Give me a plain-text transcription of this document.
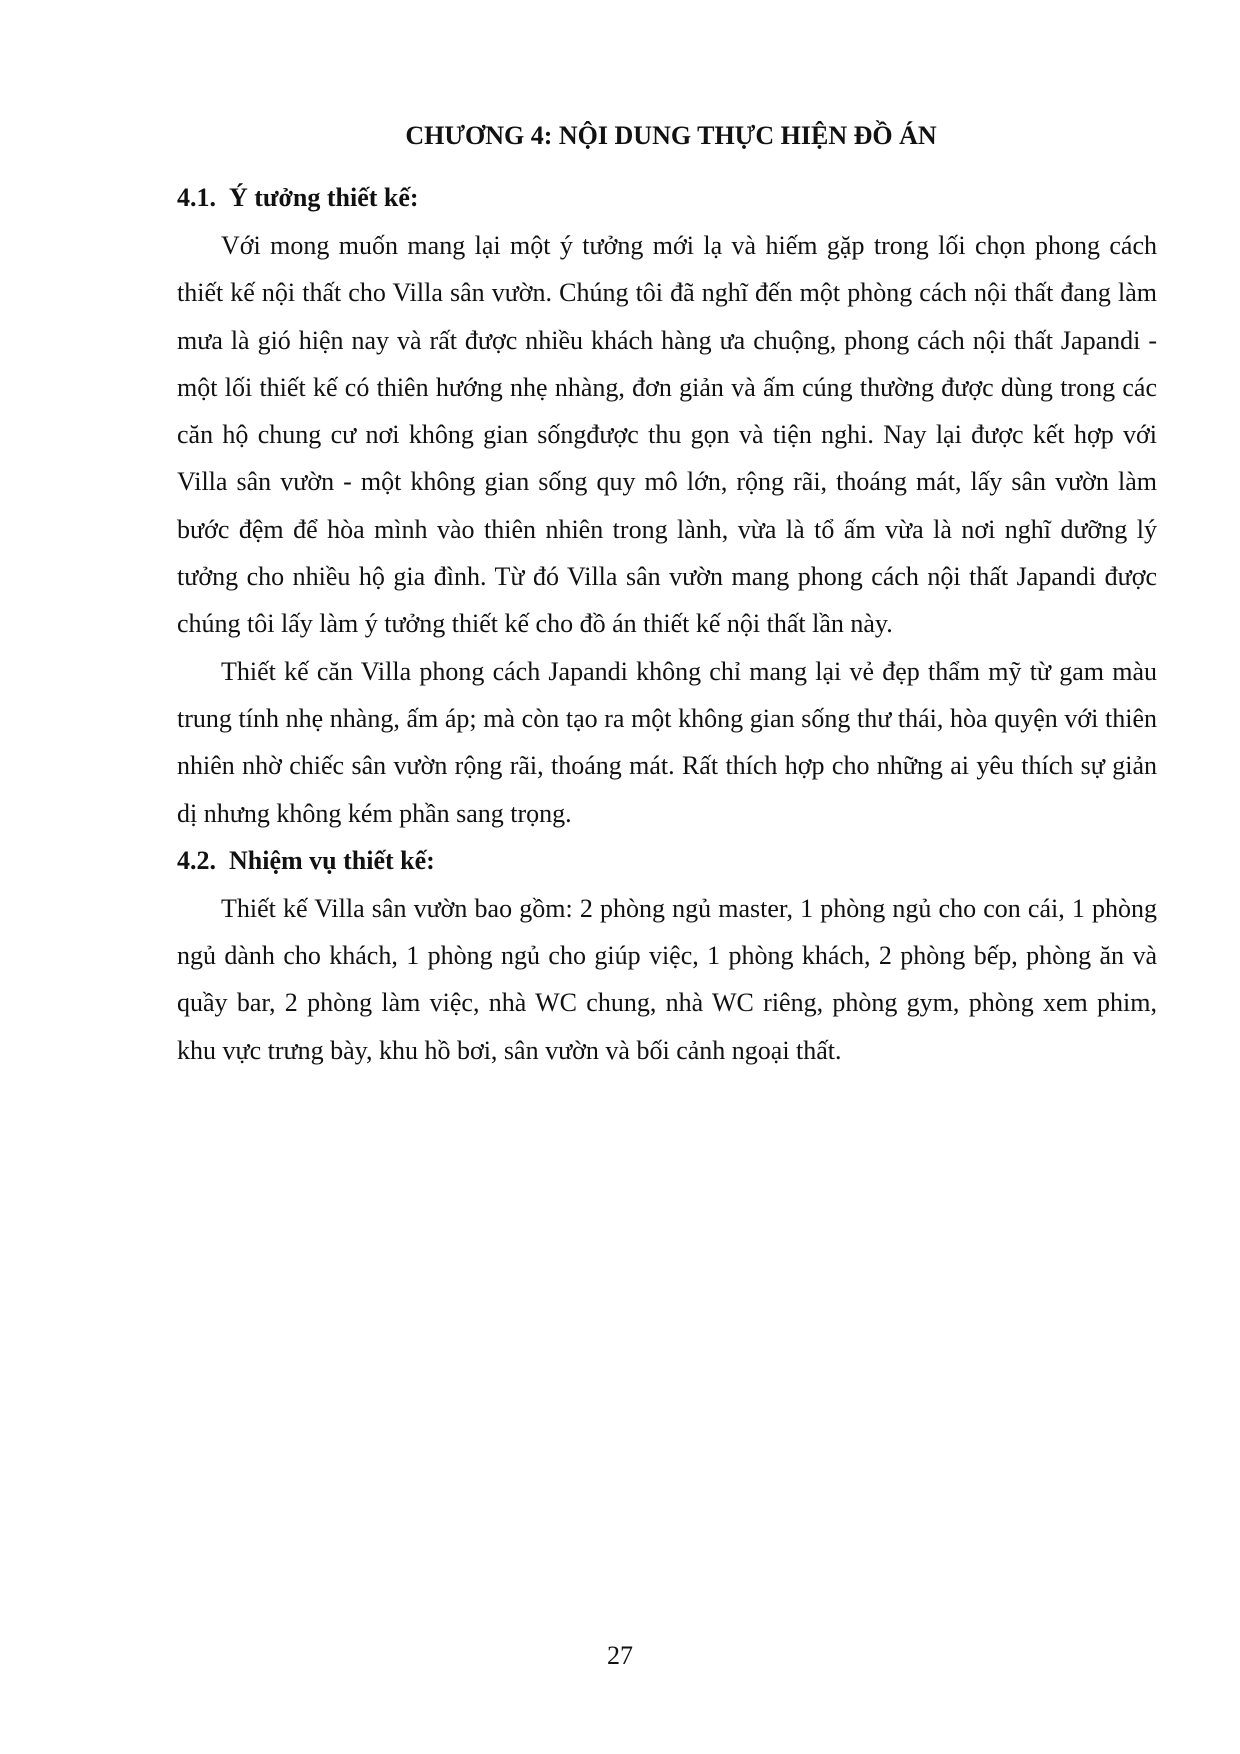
CHƯƠNG 4: NỘI DUNG THỰC HIỆN ĐỒ ÁN
4.1. Ý tưởng thiết kế:

Với mong muốn mang lại một ý tưởng mới lạ và hiếm gặp trong lối chọn phong cách thiết kế nội thất cho Villa sân vườn. Chúng tôi đã nghĩ đến một phòng cách nội thất đang làm mưa là gió hiện nay và rất được nhiều khách hàng ưa chuộng, phong cách nội thất Japandi - một lối thiết kế có thiên hướng nhẹ nhàng, đơn giản và ấm cúng thường được dùng trong các căn hộ chung cư nơi không gian sốngđược thu gọn và tiện nghi. Nay lại được kết hợp với Villa sân vườn - một không gian sống quy mô lớn, rộng rãi, thoáng mát, lấy sân vườn làm bước đệm để hòa mình vào thiên nhiên trong lành, vừa là tổ ấm vừa là nơi nghĩ dưỡng lý tưởng cho nhiều hộ gia đình. Từ đó Villa sân vườn mang phong cách nội thất Japandi được chúng tôi lấy làm ý tưởng thiết kế cho đồ án thiết kế nội thất lần này.

Thiết kế căn Villa phong cách Japandi không chỉ mang lại vẻ đẹp thẩm mỹ từ gam màu trung tính nhẹ nhàng, ấm áp; mà còn tạo ra một không gian sống thư thái, hòa quyện với thiên nhiên nhờ chiếc sân vườn rộng rãi, thoáng mát. Rất thích hợp cho những ai yêu thích sự giản dị nhưng không kém phần sang trọng.

4.2. Nhiệm vụ thiết kế:

Thiết kế Villa sân vườn bao gồm: 2 phòng ngủ master, 1 phòng ngủ cho con cái, 1 phòng ngủ dành cho khách, 1 phòng ngủ cho giúp việc, 1 phòng khách, 2 phòng bếp, phòng ăn và quầy bar, 2 phòng làm việc, nhà WC chung, nhà WC riêng, phòng gym, phòng xem phim, khu vực trưng bày, khu hồ bơi, sân vườn và bối cảnh ngoại thất.

27
